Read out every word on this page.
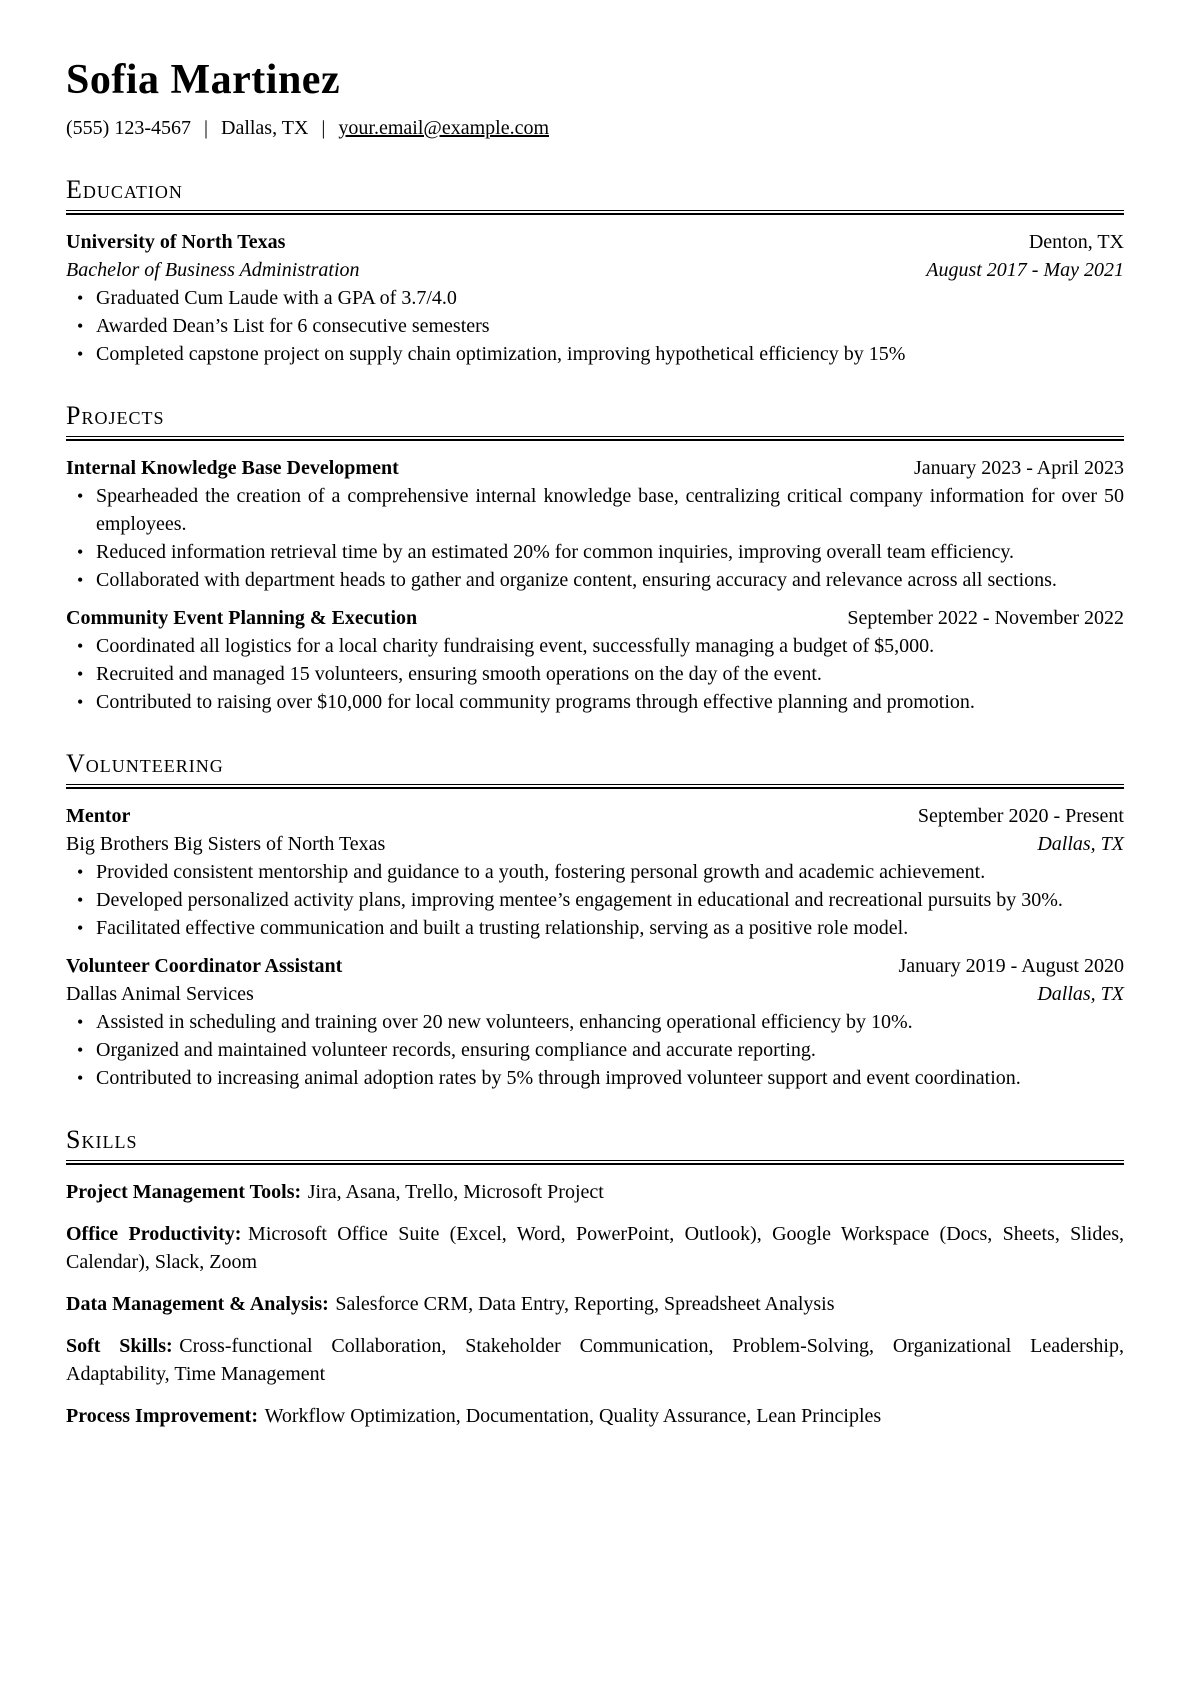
Sofia Martinez
(555) 123-4567 | Dallas, TX | your.email@example.com
Education
University of North Texas	Denton, TX
Bachelor of Business Administration	August 2017 - May 2021
• Graduated Cum Laude with a GPA of 3.7/4.0
• Awarded Dean’s List for 6 consecutive semesters
• Completed capstone project on supply chain optimization, improving hypothetical efficiency by 15%
Projects
Internal Knowledge Base Development	January 2023 - April 2023
• Spearheaded the creation of a comprehensive internal knowledge base, centralizing critical company information for over 50 employees.
• Reduced information retrieval time by an estimated 20% for common inquiries, improving overall team efficiency.
• Collaborated with department heads to gather and organize content, ensuring accuracy and relevance across all sections.
Community Event Planning & Execution	September 2022 - November 2022
• Coordinated all logistics for a local charity fundraising event, successfully managing a budget of $5,000.
• Recruited and managed 15 volunteers, ensuring smooth operations on the day of the event.
• Contributed to raising over $10,000 for local community programs through effective planning and promotion.
Volunteering
Mentor	September 2020 - Present
Big Brothers Big Sisters of North Texas	Dallas, TX
• Provided consistent mentorship and guidance to a youth, fostering personal growth and academic achievement.
• Developed personalized activity plans, improving mentee’s engagement in educational and recreational pursuits by 30%.
• Facilitated effective communication and built a trusting relationship, serving as a positive role model.
Volunteer Coordinator Assistant	January 2019 - August 2020
Dallas Animal Services	Dallas, TX
• Assisted in scheduling and training over 20 new volunteers, enhancing operational efficiency by 10%.
• Organized and maintained volunteer records, ensuring compliance and accurate reporting.
• Contributed to increasing animal adoption rates by 5% through improved volunteer support and event coordination.
Skills

Project Management Tools: Jira, Asana, Trello, Microsoft Project

Office Productivity: Microsoft Office Suite (Excel, Word, PowerPoint, Outlook), Google Workspace (Docs, Sheets, Slides, Calendar), Slack, Zoom

Data Management & Analysis: Salesforce CRM, Data Entry, Reporting, Spreadsheet Analysis

Soft Skills: Cross-functional Collaboration, Stakeholder Communication, Problem-Solving, Organizational Leadership, Adaptability, Time Management

Process Improvement: Workflow Optimization, Documentation, Quality Assurance, Lean Principles
